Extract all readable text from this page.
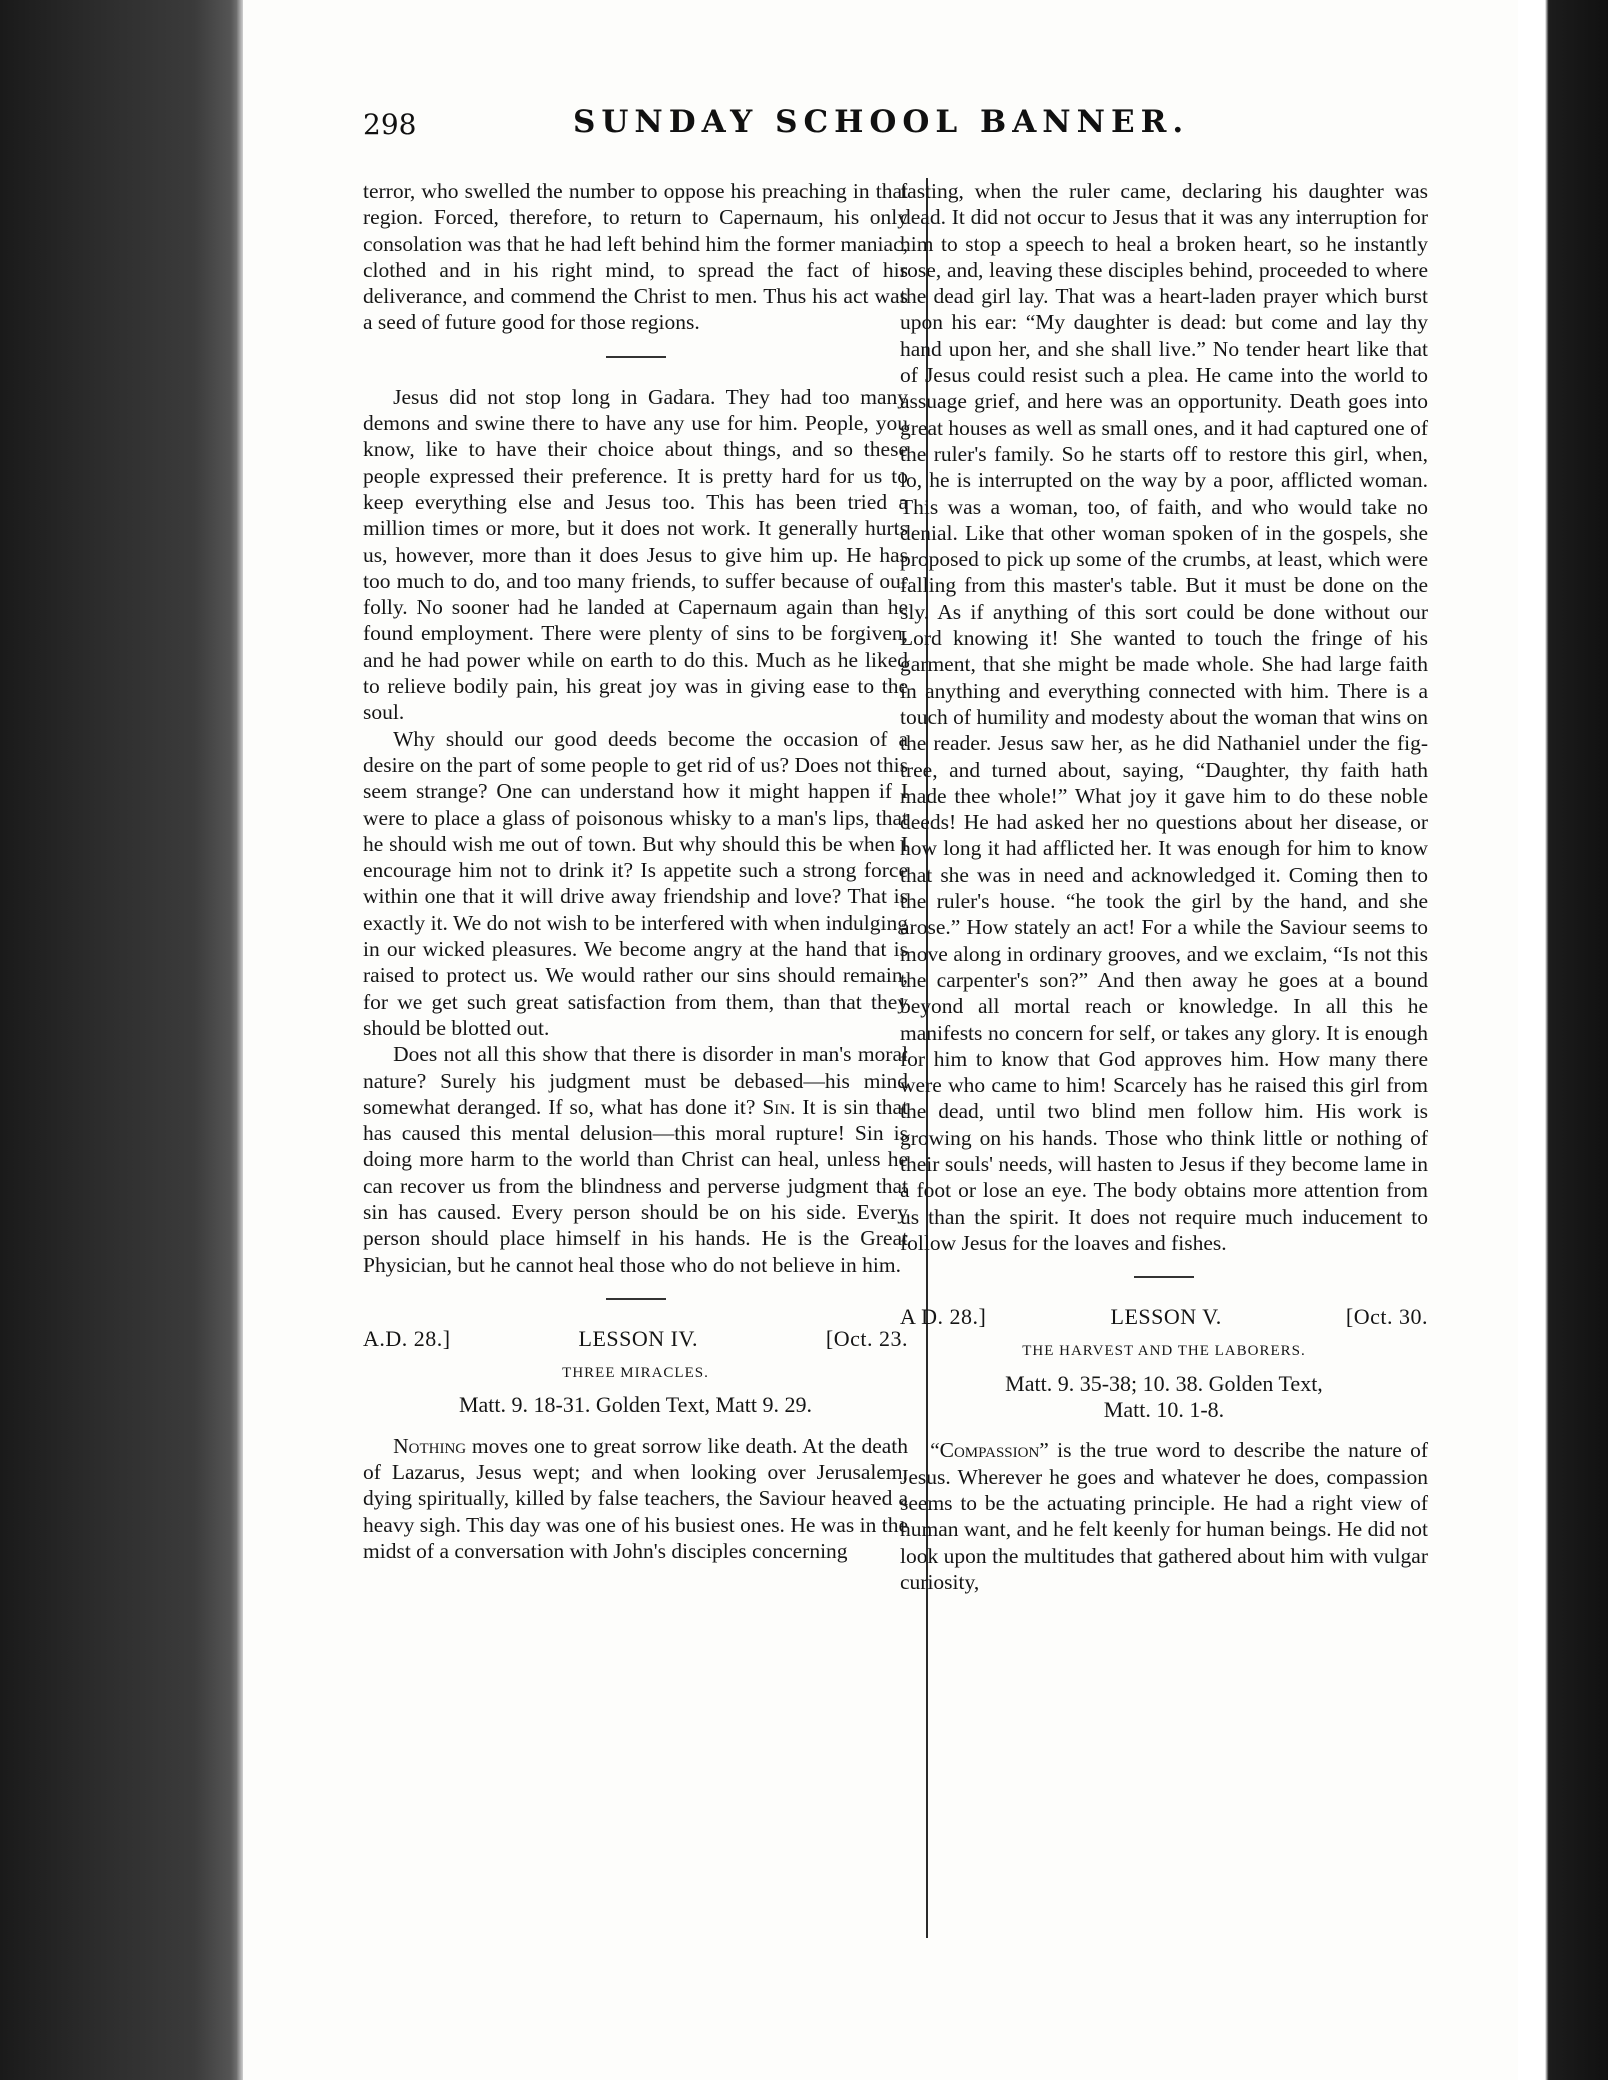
298	SUNDAY SCHOOL BANNER.

terror, who swelled the number to oppose his preaching in that region. Forced, therefore, to return to Capernaum, his only consolation was that he had left behind him the former maniac, clothed and in his right mind, to spread the fact of his deliverance, and commend the Christ to men. Thus his act was a seed of future good for those regions.

Jesus did not stop long in Gadara. They had too many demons and swine there to have any use for him. People, you know, like to have their choice about things, and so these people expressed their preference. It is pretty hard for us to keep everything else and Jesus too. This has been tried a million times or more, but it does not work. It generally hurts us, however, more than it does Jesus to give him up. He has too much to do, and too many friends, to suffer because of our folly. No sooner had he landed at Capernaum again than he found employment. There were plenty of sins to be forgiven, and he had power while on earth to do this. Much as he liked to relieve bodily pain, his great joy was in giving ease to the soul.

Why should our good deeds become the occasion of a desire on the part of some people to get rid of us? Does not this seem strange? One can understand how it might happen if I were to place a glass of poisonous whisky to a man's lips, that he should wish me out of town. But why should this be when I encourage him not to drink it? Is appetite such a strong force within one that it will drive away friendship and love? That is exactly it. We do not wish to be interfered with when indulging in our wicked pleasures. We become angry at the hand that is raised to protect us. We would rather our sins should remain, for we get such great satisfaction from them, than that they should be blotted out.

Does not all this show that there is disorder in man's moral nature? Surely his judgment must be debased—his mind somewhat deranged. If so, what has done it? Sin. It is sin that has caused this mental delusion—this moral rupture! Sin is doing more harm to the world than Christ can heal, unless he can recover us from the blindness and perverse judgment that sin has caused. Every person should be on his side. Every person should place himself in his hands. He is the Great Physician, but he cannot heal those who do not believe in him.

A.D. 28.]	LESSON IV.	[Oct. 23.
THREE MIRACLES.
Matt. 9. 18-31. Golden Text, Matt 9. 29.

Nothing moves one to great sorrow like death. At the death of Lazarus, Jesus wept; and when looking over Jerusalem, dying spiritually, killed by false teachers, the Saviour heaved a heavy sigh. This day was one of his busiest ones. He was in the midst of a conversation with John's disciples concerning

fasting, when the ruler came, declaring his daughter was dead. It did not occur to Jesus that it was any interruption for him to stop a speech to heal a broken heart, so he instantly rose, and, leaving these disciples behind, proceeded to where the dead girl lay. That was a heart-laden prayer which burst upon his ear: “My daughter is dead: but come and lay thy hand upon her, and she shall live.” No tender heart like that of Jesus could resist such a plea. He came into the world to assuage grief, and here was an opportunity. Death goes into great houses as well as small ones, and it had captured one of the ruler's family. So he starts off to restore this girl, when, lo, he is interrupted on the way by a poor, afflicted woman. This was a woman, too, of faith, and who would take no denial. Like that other woman spoken of in the gospels, she proposed to pick up some of the crumbs, at least, which were falling from this master's table. But it must be done on the sly. As if anything of this sort could be done without our Lord knowing it! She wanted to touch the fringe of his garment, that she might be made whole. She had large faith in anything and everything connected with him. There is a touch of humility and modesty about the woman that wins on the reader. Jesus saw her, as he did Nathaniel under the fig-tree, and turned about, saying, “Daughter, thy faith hath made thee whole!” What joy it gave him to do these noble deeds! He had asked her no questions about her disease, or how long it had afflicted her. It was enough for him to know that she was in need and acknowledged it. Coming then to the ruler's house. “he took the girl by the hand, and she arose.” How stately an act! For a while the Saviour seems to move along in ordinary grooves, and we exclaim, “Is not this the carpenter's son?” And then away he goes at a bound beyond all mortal reach or knowledge. In all this he manifests no concern for self, or takes any glory. It is enough for him to know that God approves him. How many there were who came to him! Scarcely has he raised this girl from the dead, until two blind men follow him. His work is growing on his hands. Those who think little or nothing of their souls' needs, will hasten to Jesus if they become lame in a foot or lose an eye. The body obtains more attention from us than the spirit. It does not require much inducement to follow Jesus for the loaves and fishes.

A D. 28.]	LESSON V.	[Oct. 30.
THE HARVEST AND THE LABORERS.
Matt. 9. 35-38; 10. 38. Golden Text,
Matt. 10. 1-8.

“Compassion” is the true word to describe the nature of Jesus. Wherever he goes and whatever he does, compassion seems to be the actuating principle. He had a right view of human want, and he felt keenly for human beings. He did not look upon the multitudes that gathered about him with vulgar curiosity,
